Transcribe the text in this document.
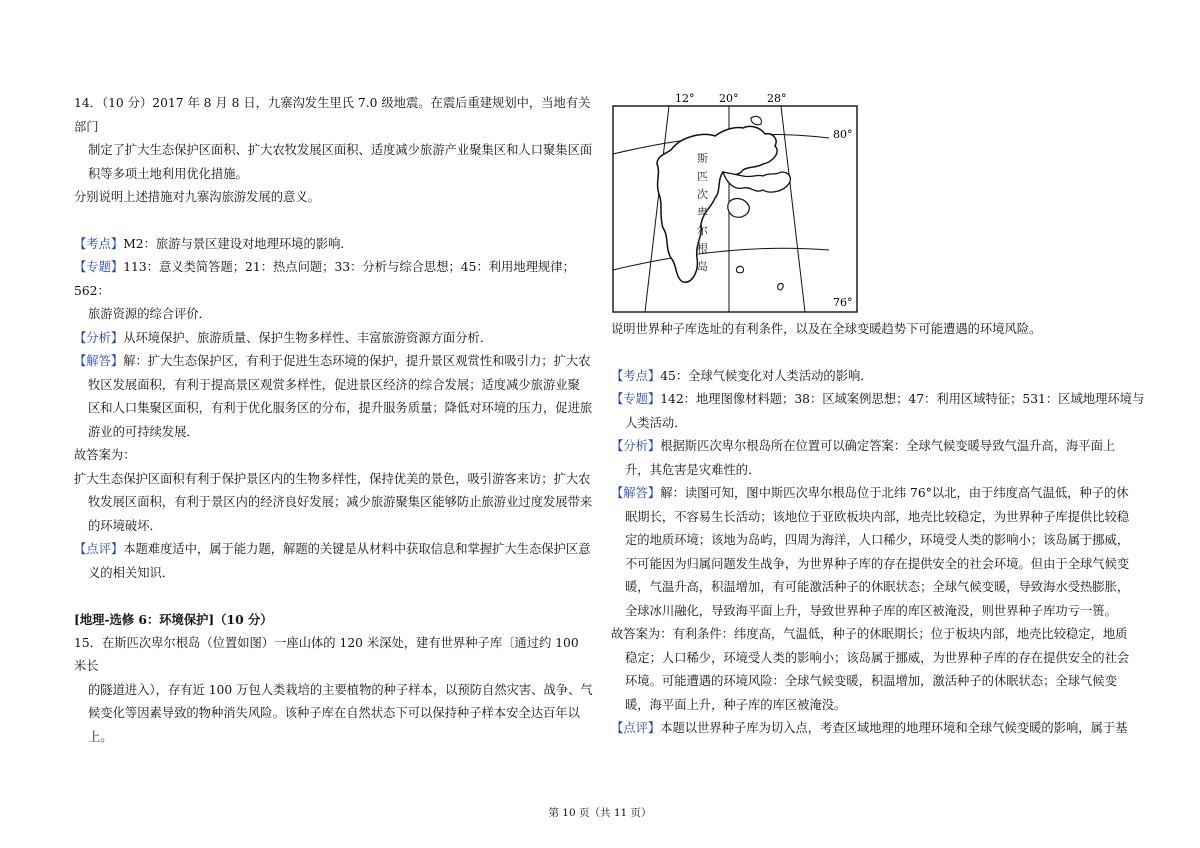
14．（10 分）2017 年 8 月 8 日，九寨沟发生里氏 7.0 级地震。在震后重建规划中，当地有关部门

制定了扩大生态保护区面积、扩大农牧发展区面积、适度减少旅游产业聚集区和人口聚集区面

积等多项土地利用优化措施。

分别说明上述措施对九寨沟旅游发展的意义。

【考点】M2：旅游与景区建设对地理环境的影响．

【专题】113：意义类简答题；21：热点问题；33：分析与综合思想；45：利用地理规律；562：

旅游资源的综合评价．

【分析】从环境保护、旅游质量、保护生物多样性、丰富旅游资源方面分析．

【解答】解：扩大生态保护区，有利于促进生态环境的保护，提升景区观赏性和吸引力；扩大农

牧区发展面积，有利于提高景区观赏多样性，促进景区经济的综合发展；适度减少旅游业聚

区和人口集聚区面积，有利于优化服务区的分布，提升服务质量；降低对环境的压力，促进旅

游业的可持续发展．

故答案为：

扩大生态保护区面积有利于保护景区内的生物多样性，保持优美的景色，吸引游客来访；扩大农

牧发展区面积，有利于景区内的经济良好发展；减少旅游聚集区能够防止旅游业过度发展带来

的环境破坏．

【点评】本题难度适中，属于能力题，解题的关键是从材料中获取信息和掌握扩大生态保护区意

义的相关知识．

[地理-选修 6：环境保护]（10 分）

15．在斯匹次卑尔根岛（位置如图）一座山体的 120 米深处，建有世界种子库〔通过约 100 米长

的隧道进入），存有近 100 万包人类栽培的主要植物的种子样本，以预防自然灾害、战争、气

候变化等因素导致的物种消失风险。该种子库在自然状态下可以保持种子样本安全达百年以

上。

12° 20°	28°
80°
76°
斯
匹
次
卑
尔
根
岛

说明世界种子库选址的有利条件，以及在全球变暖趋势下可能遭遇的环境风险。

【考点】45：全球气候变化对人类活动的影响．

【专题】142：地理图像材料题；38：区域案例思想；47：利用区域特征；531：区域地理环境与

人类活动．

【分析】根据斯匹次卑尔根岛所在位置可以确定答案：全球气候变暖导致气温升高，海平面上

升，其危害是灾难性的．

【解答】解：读图可知，图中斯匹次卑尔根岛位于北纬 76°以北，由于纬度高气温低，种子的休

眠期长，不容易生长活动；该地位于亚欧板块内部，地壳比较稳定，为世界种子库提供比较稳

定的地质环境；该地为岛屿，四周为海洋，人口稀少，环境受人类的影响小；该岛属于挪威，

不可能因为归属问题发生战争，为世界种子库的存在提供安全的社会环境。但由于全球气候变

暖，气温升高，积温增加，有可能激活种子的休眠状态；全球气候变暖，导致海水受热膨胀，

全球冰川融化，导致海平面上升，导致世界种子库的库区被淹没，则世界种子库功亏一篑。

故答案为：有利条件：纬度高，气温低，种子的休眠期长；位于板块内部，地壳比较稳定，地质

稳定；人口稀少，环境受人类的影响小；该岛属于挪威，为世界种子库的存在提供安全的社会

环境。可能遭遇的环境风险：全球气候变暖，积温增加，激活种子的休眠状态；全球气候变

暖，海平面上升，种子库的库区被淹没。

【点评】本题以世界种子库为切入点，考查区域地理的地理环境和全球气候变暖的影响，属于基

第 10 页（共 11 页）
